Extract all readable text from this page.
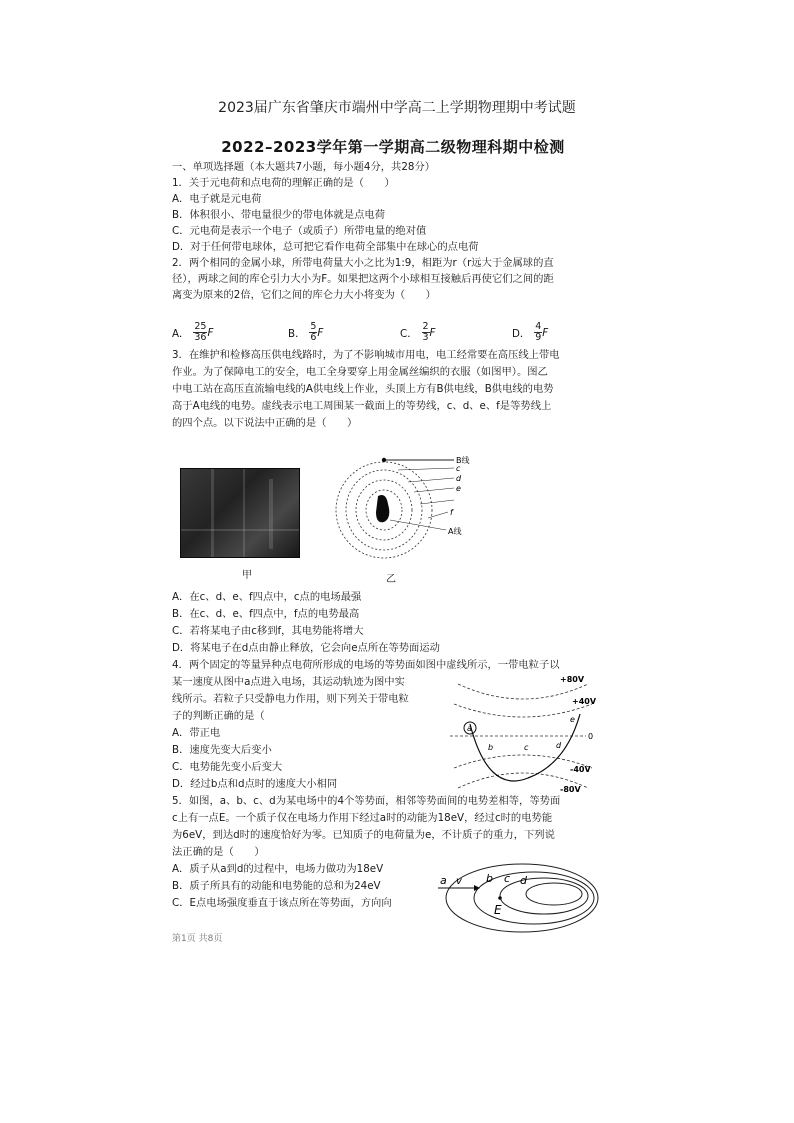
2023届广东省肇庆市端州中学高二上学期物理期中考试题
2022–2023学年第一学期高二级物理科期中检测
一、单项选择题（本大题共7小题，每小题4分，共28分）
1．关于元电荷和点电荷的理解正确的是（　　）
A．电子就是元电荷
B．体积很小、带电量很少的带电体就是点电荷
C．元电荷是表示一个电子（或质子）所带电量的绝对值
D．对于任何带电球体，总可把它看作电荷全部集中在球心的点电荷
2．两个相同的金属小球，所带电荷量大小之比为1:9，相距为r（r远大于金属球的直
径），两球之间的库仑引力大小为F。如果把这两个小球相互接触后再使它们之间的距
离变为原来的2倍，它们之间的库仑力大小将变为（　　）
3．在维护和检修高压供电线路时，为了不影响城市用电，电工经常要在高压线上带电
作业。为了保障电工的安全，电工全身要穿上用金属丝编织的衣服（如图甲）。图乙
中电工站在高压直流输电线的A供电线上作业，头顶上方有B供电线，B供电线的电势
高于A电线的电势。虚线表示电工周围某一截面上的等势线，c、d、e、f是等势线上
的四个点。以下说法中正确的是（　　）
A．在c、d、e、f四点中，c点的电场最强
B．在c、d、e、f四点中，f点的电势最高
C．若将某电子由c移到f，其电势能将增大
D．将某电子在d点由静止释放，它会向e点所在等势面运动
4．两个固定的等量异种点电荷所形成的电场的等势面如图中虚线所示，一带电粒子以
某一速度从图中a点进入电场，其运动轨迹为图中实
线所示。若粒子只受静电力作用，则下列关于带电粒
子的判断正确的是（
A．带正电
B．速度先变大后变小
C．电势能先变小后变大
D．经过b点和d点时的速度大小相同
5．如图，a、b、c、d为某电场中的4个等势面，相邻等势面间的电势差相等，等势面
c上有一点E。一个质子仅在电场力作用下经过a时的动能为18eV，经过c时的电势能
为6eV，到达d时的速度恰好为零。已知质子的电荷量为e，不计质子的重力，下列说
法正确的是（　　）
A．质子从a到d的过程中，电场力做功为18eV
B．质子所具有的动能和电势能的总和为24eV
C．E点电场强度垂直于该点所在等势面，方向向
第1页 共8页
A． $\frac{25}{36}$ F	B． $\frac{5}{6}$ F	C． $\frac{2}{3}$ F	D． $\frac{4}{9}$ F
甲
B线
c
d
e
f
A线
乙
a
b	c	d
e
+80V
+40V
0
-40V
-80V
a v b c d
E
